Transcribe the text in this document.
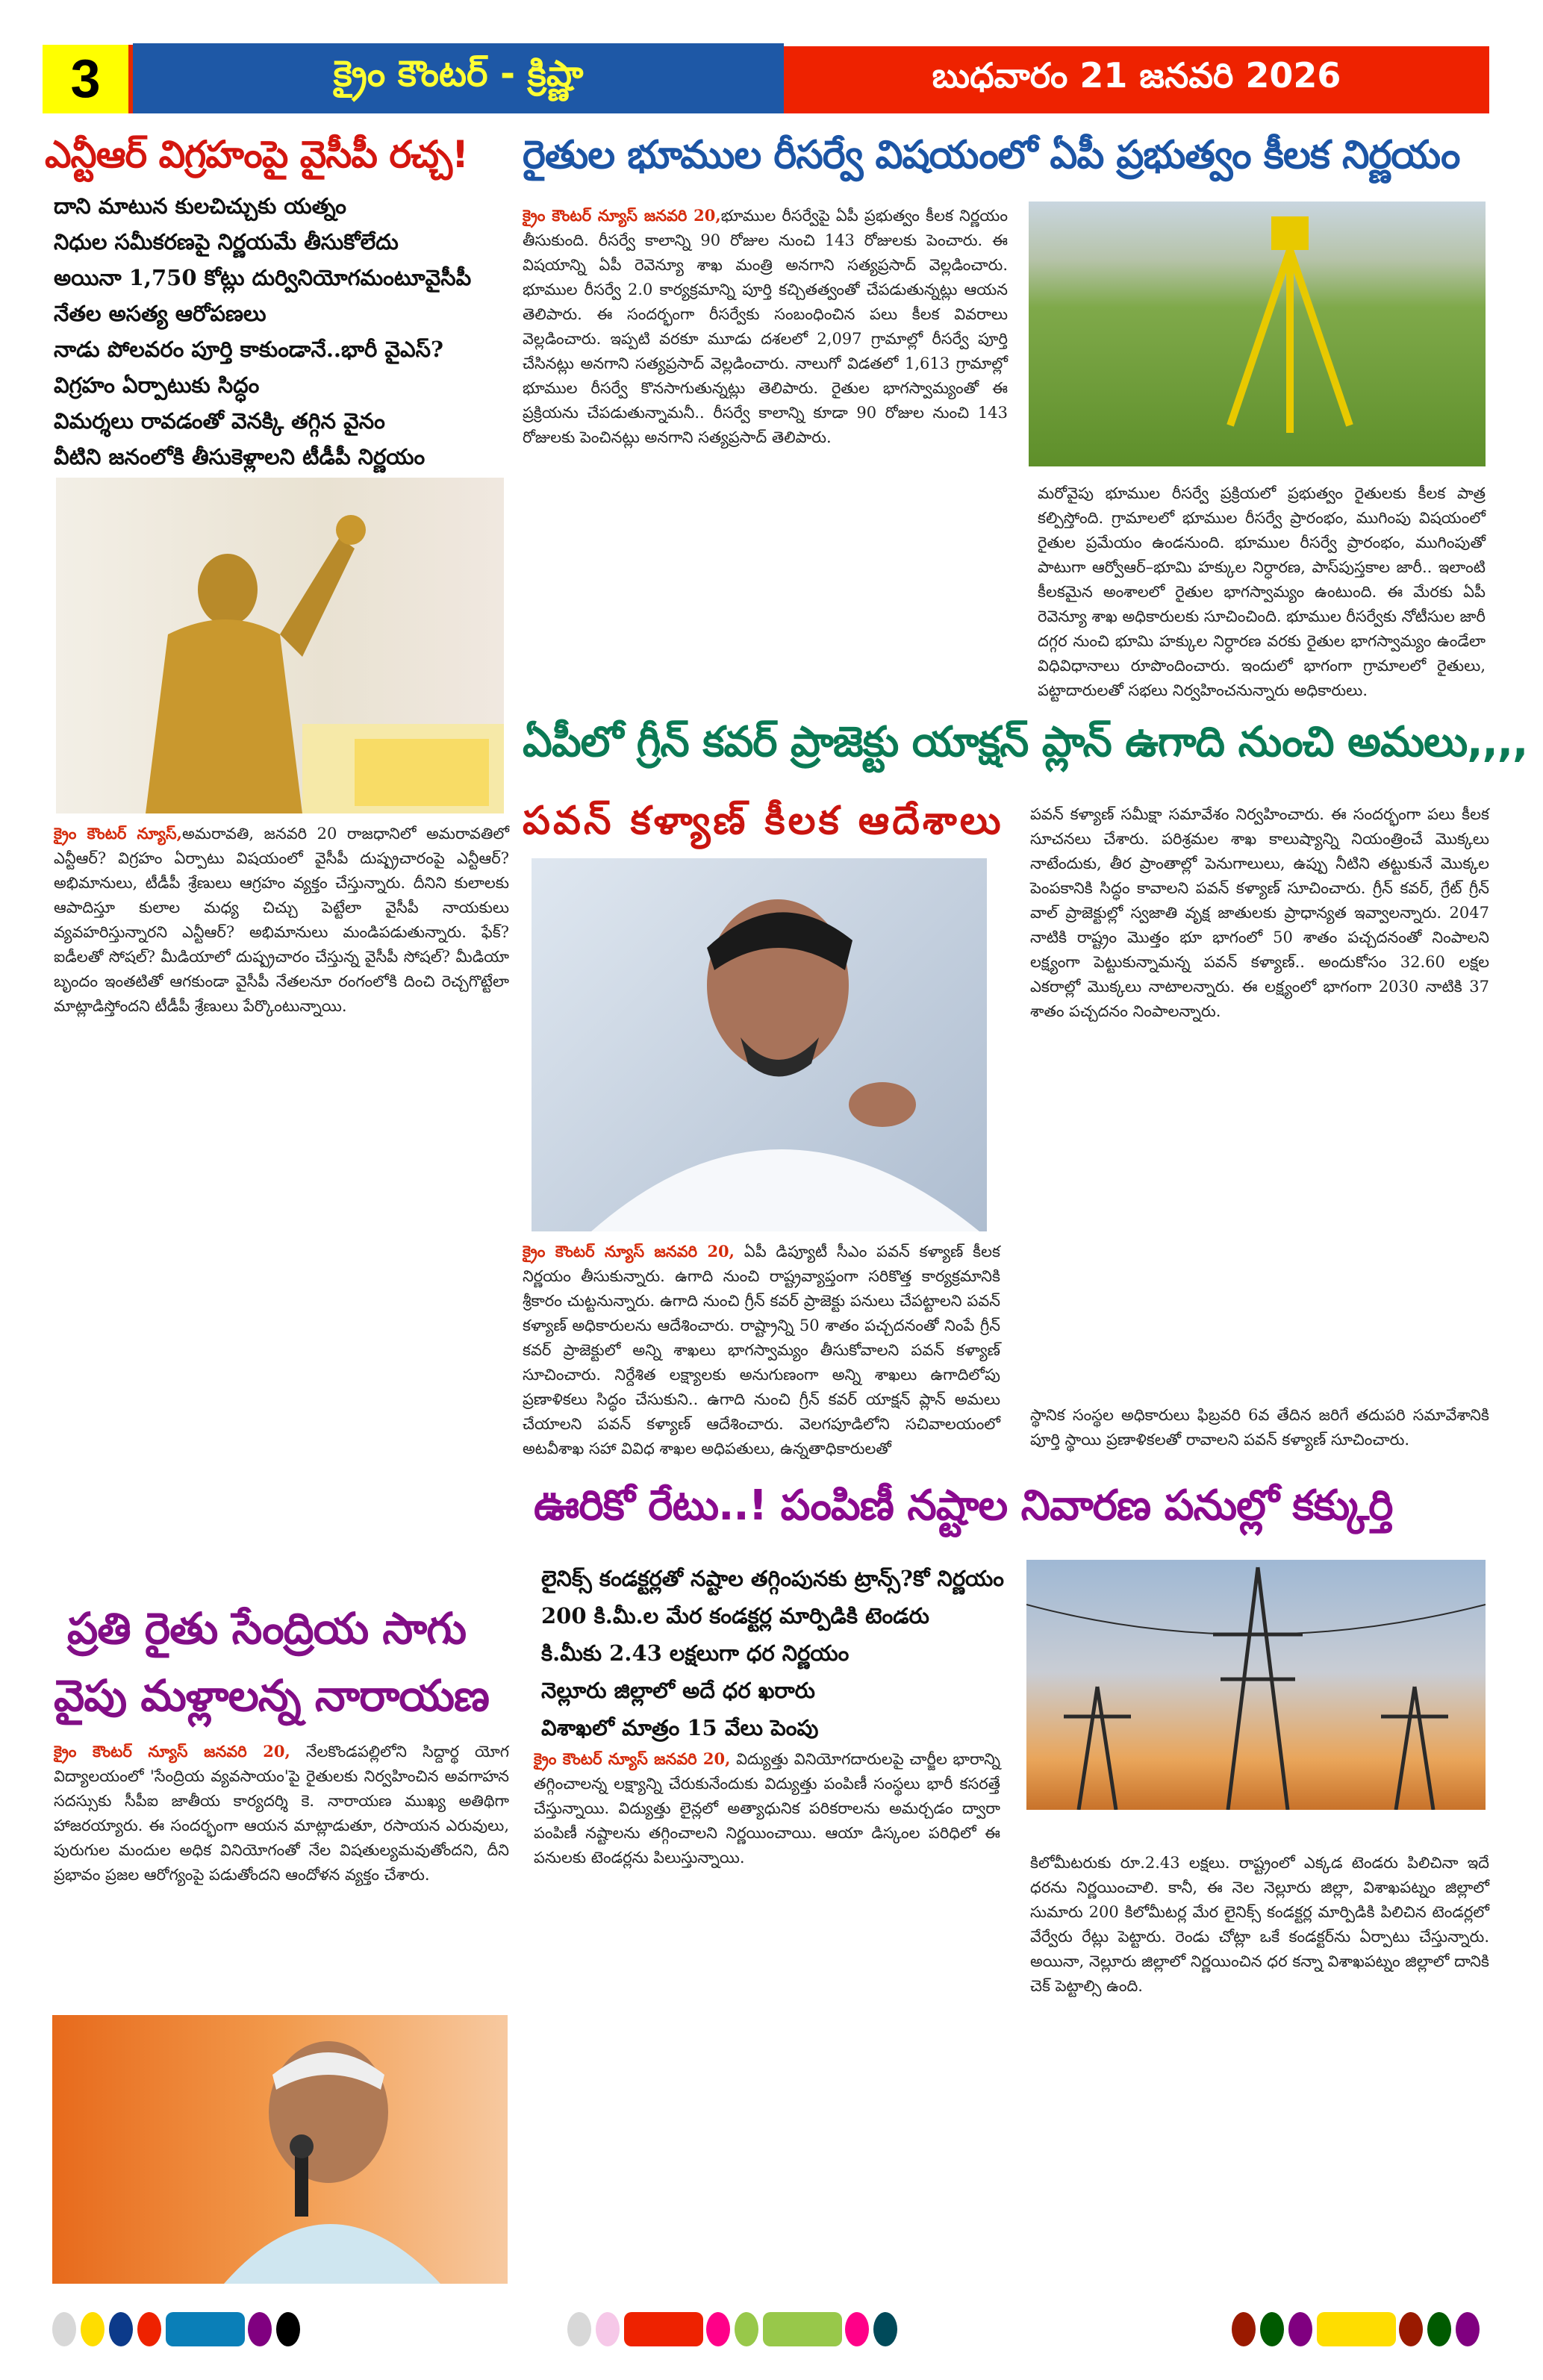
3	క్రైం కౌంటర్ - క్రిష్ణా	బుధవారం 21 జనవరి 2026
ఎన్టీఆర్ విగ్రహంపై వైసీపీ రచ్చ!
దాని మాటున కులచిచ్చుకు యత్నం
నిధుల సమీకరణపై నిర్ణయమే తీసుకోలేదు
అయినా 1,750 కోట్లు దుర్వినియోగమంటూవైసీపీ నేతల అసత్య ఆరోపణలు
నాడు పోలవరం పూర్తి కాకుండానే..భారీ వైఎస్? విగ్రహం ఏర్పాటుకు సిద్ధం
విమర్శలు రావడంతో వెనక్కి తగ్గిన వైనం
వీటిని జనంలోకి తీసుకెళ్లాలని టీడీపీ నిర్ణయం
క్రైం కౌంటర్ న్యూస్,అమరావతి, జనవరి 20 రాజధానిలో అమరావతిలో ఎన్టీఆర్? విగ్రహం ఏర్పాటు విషయంలో వైసీపీ దుష్ప్రచారంపై ఎన్టీఆర్? అభిమానులు, టీడీపీ శ్రేణులు ఆగ్రహం వ్యక్తం చేస్తున్నారు. దీనిని కులాలకు ఆపాదిస్తూ కులాల మధ్య చిచ్చు పెట్టేలా వైసీపీ నాయకులు వ్యవహరిస్తున్నారని ఎన్టీఆర్? అభిమానులు మండిపడుతున్నారు. ఫేక్? ఐడీలతో సోషల్? మీడియాలో దుష్ప్రచారం చేస్తున్న వైసీపీ సోషల్? మీడియా బృందం ఇంతటితో ఆగకుండా వైసీపీ నేతలనూ రంగంలోకి దించి రెచ్చగొట్టేలా మాట్లాడిస్తోందని టీడీపీ శ్రేణులు పేర్కొంటున్నాయి.
ప్రతి రైతు సేంద్రియ సాగు
వైపు మళ్లాలన్న నారాయణ
క్రైం కౌంటర్ న్యూస్ జనవరి 20, నేలకొండపల్లిలోని సిద్దార్థ యోగ విద్యాలయంలో 'సేంద్రియ వ్యవసాయం'పై రైతులకు నిర్వహించిన అవగాహన సదస్సుకు సీపీఐ జాతీయ కార్యదర్శి కె. నారాయణ ముఖ్య అతిథిగా హాజరయ్యారు. ఈ సందర్భంగా ఆయన మాట్లాడుతూ, రసాయన ఎరువులు, పురుగుల మందుల అధిక వినియోగంతో నేల విషతుల్యమవుతోందని, దీని ప్రభావం ప్రజల ఆరోగ్యంపై పడుతోందని ఆందోళన వ్యక్తం చేశారు.
రైతుల భూముల రీసర్వే విషయంలో ఏపీ ప్రభుత్వం కీలక నిర్ణయం
క్రైం కౌంటర్ న్యూస్ జనవరి 20,భూముల రీసర్వేపై ఏపీ ప్రభుత్వం కీలక నిర్ణయం తీసుకుంది. రీసర్వే కాలాన్ని 90 రోజుల నుంచి 143 రోజులకు పెంచారు. ఈ విషయాన్ని ఏపీ రెవెన్యూ శాఖ మంత్రి అనగాని సత్యప్రసాద్ వెల్లడించారు. భూముల రీసర్వే 2.0 కార్యక్రమాన్ని పూర్తి కచ్చితత్వంతో చేపడుతున్నట్లు ఆయన తెలిపారు. ఈ సందర్భంగా రీసర్వేకు సంబంధించిన పలు కీలక వివరాలు వెల్లడించారు. ఇప్పటి వరకూ మూడు దశలలో 2,097 గ్రామాల్లో రీసర్వే పూర్తి చేసినట్లు అనగాని సత్యప్రసాద్ వెల్లడించారు. నాలుగో విడతలో 1,613 గ్రామాల్లో భూముల రీసర్వే కొనసాగుతున్నట్లు తెలిపారు. రైతుల భాగస్వామ్యంతో ఈ ప్రక్రియను చేపడుతున్నామనీ.. రీసర్వే కాలాన్ని కూడా 90 రోజుల నుంచి 143 రోజులకు పెంచినట్లు అనగాని సత్యప్రసాద్ తెలిపారు.
మరోవైపు భూముల రీసర్వే ప్రక్రియలో ప్రభుత్వం రైతులకు కీలక పాత్ర కల్పిస్తోంది. గ్రామాలలో భూముల రీసర్వే ప్రారంభం, ముగింపు విషయంలో రైతుల ప్రమేయం ఉండనుంది. భూముల రీసర్వే ప్రారంభం, ముగింపుతో పాటుగా ఆర్వోఆర్–భూమి హక్కుల నిర్ధారణ, పాస్‌పుస్తకాల జారీ.. ఇలాంటి కీలకమైన అంశాలలో రైతుల భాగస్వామ్యం ఉంటుంది. ఈ మేరకు ఏపీ రెవెన్యూ శాఖ అధికారులకు సూచించింది. భూముల రీసర్వేకు నోటీసుల జారీ దగ్గర నుంచి భూమి హక్కుల నిర్ధారణ వరకు రైతుల భాగస్వామ్యం ఉండేలా విధివిధానాలు రూపొందించారు. ఇందులో భాగంగా గ్రామాలలో రైతులు, పట్టాదారులతో సభలు నిర్వహించనున్నారు అధికారులు.
ఏపీలో గ్రీన్ కవర్ ప్రాజెక్టు యాక్షన్ ప్లాన్ ఉగాది నుంచి అమలు,,,,
పవన్ కళ్యాణ్ కీలక ఆదేశాలు
క్రైం కౌంటర్ న్యూస్ జనవరి 20, ఏపీ డిప్యూటీ సీఎం పవన్ కళ్యాణ్ కీలక నిర్ణయం తీసుకున్నారు. ఉగాది నుంచి రాష్ట్రవ్యాప్తంగా సరికొత్త కార్యక్రమానికి శ్రీకారం చుట్టనున్నారు. ఉగాది నుంచి గ్రీన్ కవర్ ప్రాజెక్టు పనులు చేపట్టాలని పవన్ కళ్యాణ్ అధికారులను ఆదేశించారు. రాష్ట్రాన్ని 50 శాతం పచ్చదనంతో నింపే గ్రీన్ కవర్ ప్రాజెక్టులో అన్ని శాఖలు భాగస్వామ్యం తీసుకోవాలని పవన్ కళ్యాణ్ సూచించారు. నిర్దేశిత లక్ష్యాలకు అనుగుణంగా అన్ని శాఖలు ఉగాదిలోపు ప్రణాళికలు సిద్ధం చేసుకుని.. ఉగాది నుంచి గ్రీన్ కవర్ యాక్షన్ ప్లాన్ అమలు చేయాలని పవన్ కళ్యాణ్ ఆదేశించారు. వెలగపూడిలోని సచివాలయంలో అటవీశాఖ సహా వివిధ శాఖల అధిపతులు, ఉన్నతాధికారులతో
పవన్ కళ్యాణ్ సమీక్షా సమావేశం నిర్వహించారు. ఈ సందర్భంగా పలు కీలక సూచనలు చేశారు. పరిశ్రమల శాఖ కాలుష్యాన్ని నియంత్రించే మొక్కలు నాటేందుకు, తీర ప్రాంతాల్లో పెనుగాలులు, ఉప్పు నీటిని తట్టుకునే మొక్కల పెంపకానికి సిద్ధం కావాలని పవన్ కళ్యాణ్ సూచించారు. గ్రీన్ కవర్, గ్రేట్ గ్రీన్ వాల్ ప్రాజెక్టుల్లో స్వజాతి వృక్ష జాతులకు ప్రాధాన్యత ఇవ్వాలన్నారు. 2047 నాటికి రాష్ట్రం మొత్తం భూ భాగంలో 50 శాతం పచ్చదనంతో నింపాలని లక్ష్యంగా పెట్టుకున్నామన్న పవన్ కళ్యాణ్.. అందుకోసం 32.60 లక్షల ఎకరాల్లో మొక్కలు నాటాలన్నారు. ఈ లక్ష్యంలో భాగంగా 2030 నాటికి 37 శాతం పచ్చదనం నింపాలన్నారు.
స్థానిక సంస్థల అధికారులు ఫిబ్రవరి 6వ తేదిన జరిగే తదుపరి సమావేశానికి పూర్తి స్థాయి ప్రణాళికలతో రావాలని పవన్ కళ్యాణ్ సూచించారు.
ఊరికో రేటు..! పంపిణీ నష్టాల నివారణ పనుల్లో కక్కుర్తి
లైనిక్స్ కండక్టర్లతో నష్టాల తగ్గింపునకు ట్రాన్స్?కో నిర్ణయం
200 కి.మీ.ల మేర కండక్టర్ల మార్పిడికి టెండరు
కి.మీకు 2.43 లక్షలుగా ధర నిర్ణయం
నెల్లూరు జిల్లాలో అదే ధర ఖరారు
విశాఖలో మాత్రం 15 వేలు పెంపు
క్రైం కౌంటర్ న్యూస్ జనవరి 20, విద్యుత్తు వినియోగదారులపై చార్జీల భారాన్ని తగ్గించాలన్న లక్ష్యాన్ని చేరుకునేందుకు విద్యుత్తు పంపిణీ సంస్థలు భారీ కసరత్తే చేస్తున్నాయి. విద్యుత్తు లైన్లలో అత్యాధునిక పరికరాలను అమర్చడం ద్వారా పంపిణీ నష్టాలను తగ్గించాలని నిర్ణయించాయి. ఆయా డిస్కంల పరిధిలో ఈ పనులకు టెండర్లను పిలుస్తున్నాయి.	కిలోమీటరుకు రూ.2.43 లక్షలు. రాష్ట్రంలో ఎక్కడ టెండరు పిలిచినా ఇదే ధరను నిర్ణయించాలి. కానీ, ఈ నెల నెల్లూరు జిల్లా, విశాఖపట్నం జిల్లాలో సుమారు 200 కిలోమీటర్ల మేర లైనిక్స్ కండక్టర్ల మార్పిడికి పిలిచిన టెండర్లలో వేర్వేరు రేట్లు పెట్టారు. రెండు చోట్లా ఒకే కండక్టర్‌ను ఏర్పాటు చేస్తున్నారు. అయినా, నెల్లూరు జిల్లాలో నిర్ణయించిన ధర కన్నా విశాఖపట్నం జిల్లాలో దానికి చెక్ పెట్టాల్సి ఉంది.
